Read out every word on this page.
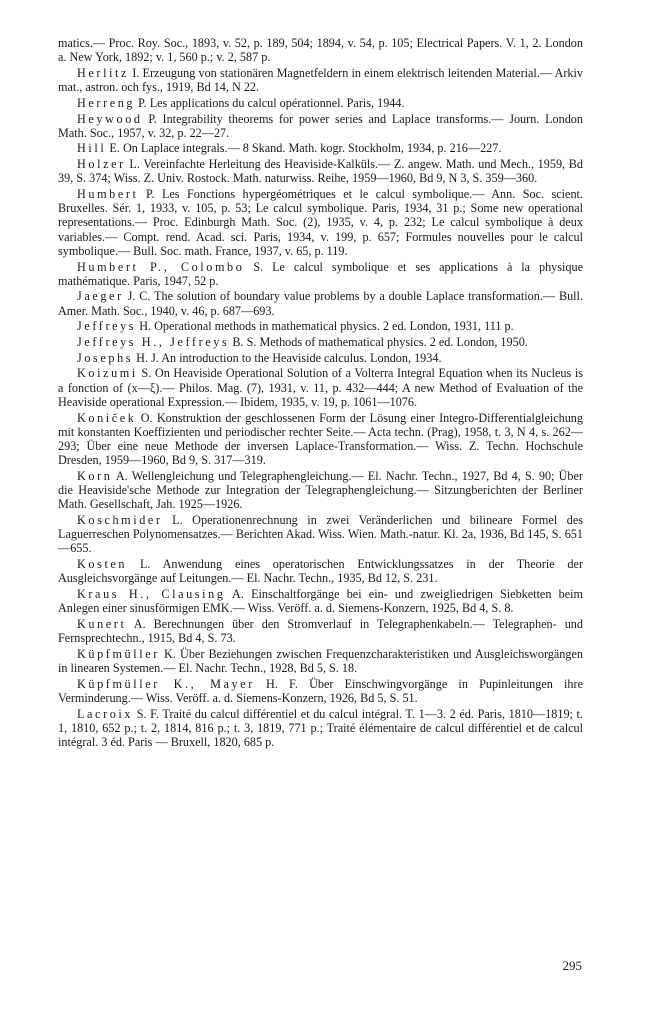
matics.— Proc. Roy. Soc., 1893, v. 52, p. 189, 504; 1894, v. 54, p. 105; Electrical Papers. V. 1, 2. London a. New York, 1892; v. 1, 560 p.; v. 2, 587 p.

Herlitz I. Erzeugung von stationären Magnetfeldern in einem elektrisch leitenden Material.— Arkiv mat., astron. och fys., 1919, Bd 14, N 22.

Herreng P. Les applications du calcul opérationnel. Paris, 1944.

Heywood P. Integrability theorems for power series and Laplace transforms.— Journ. London Math. Soc., 1957, v. 32, p. 22—27.

Hill E. On Laplace integrals.— 8 Skand. Math. kogr. Stockholm, 1934, p. 216—227.

Holzer L. Vereinfachte Herleitung des Heaviside-Kalküls.— Z. angew. Math. und Mech., 1959, Bd 39, S. 374; Wiss. Z. Univ. Rostock. Math. naturwiss. Reihe, 1959—1960, Bd 9, N 3, S. 359—360.

Humbert P. Les Fonctions hypergéométriques et le calcul symbolique.— Ann. Soc. scient. Bruxelles. Sér. 1, 1933, v. 105, p. 53; Le calcul symbolique. Paris, 1934, 31 p.; Some new operational representations.— Proc. Edinburgh Math. Soc. (2), 1935, v. 4, p. 232; Le calcul symbolique à deux variables.— Compt. rend. Acad. sci. Paris, 1934, v. 199, p. 657; Formules nouvelles pour le calcul symbolique.— Bull. Soc. math. France, 1937, v. 65, p. 119.

Humbert P., Colombo S. Le calcul symbolique et ses applications à la physique mathématique. Paris, 1947, 52 p.

Jaeger J. C. The solution of boundary value problems by a double Laplace transformation.— Bull. Amer. Math. Soc., 1940, v. 46, p. 687—693.

Jeffreys H. Operational methods in mathematical physics. 2 ed. London, 1931, 111 p.

Jeffreys H., Jeffreys B. S. Methods of mathematical physics. 2 ed. London, 1950.

Josephs H. J. An introduction to the Heaviside calculus. London, 1934.

Koizumi S. On Heaviside Operational Solution of a Volterra Integral Equation when its Nucleus is a fonction of (x—ξ).— Philos. Mag. (7), 1931, v. 11, p. 432—444; A new Method of Evaluation of the Heaviside operational Expression.— Ibidem, 1935, v. 19, p. 1061—1076.

Koniček O. Konstruktion der geschlossenen Form der Lösung einer Integro-Differentialgleichung mit konstanten Koeffizienten und periodischer rechter Seite.— Acta techn. (Prag), 1958, t. 3, N 4, s. 262—293; Über eine neue Methode der inversen Laplace-Transformation.— Wiss. Z. Techn. Hochschule Dresden, 1959—1960, Bd 9, S. 317—319.

Korn A. Wellengleichung und Telegraphengleichung.— El. Nachr. Techn., 1927, Bd 4, S. 90; Über die Heaviside'sche Methode zur Integration der Telegraphengleichung.— Sitzungberichten der Berliner Math. Gesellschaft, Jah. 1925—1926.

Koschmider L. Operationenrechnung in zwei Veränderlichen und bilineare Formel des Laguerreschen Polynomensatzes.— Berichten Akad. Wiss. Wien. Math.-natur. Kl. 2a, 1936, Bd 145, S. 651—655.

Kosten L. Anwendung eines operatorischen Entwicklungssatzes in der Theorie der Ausgleichsvorgänge auf Leitungen.— El. Nachr. Techn., 1935, Bd 12, S. 231.

Kraus H., Clausing A. Einschaltforgänge bei ein- und zweigliedrigen Siebketten beim Anlegen einer sinusförmigen EMK.— Wiss. Veröff. a. d. Siemens-Konzern, 1925, Bd 4, S. 8.

Kunert A. Berechnungen über den Stromverlauf in Telegraphenkabeln.— Telegraphen- und Fernsprechtechn., 1915, Bd 4, S. 73.

Küpfmüller K. Über Beziehungen zwischen Frequenzcharakteristiken und Ausgleichsworgängen in linearen Systemen.— El. Nachr. Techn., 1928, Bd 5, S. 18.

Küpfmüller K., Mayer H. F. Über Einschwingvorgänge in Pupinleitungen ihre Verminderung.— Wiss. Veröff. a. d. Siemens-Konzern, 1926, Bd 5, S. 51.

Lacroix S. F. Traité du calcul différentiel et du calcul intégral. T. 1—3. 2 éd. Paris, 1810—1819; t. 1, 1810, 652 p.; t. 2, 1814, 816 p.; t. 3, 1819, 771 p.; Traité élémentaire de calcul différentiel et de calcul intégral. 3 éd. Paris — Bruxell, 1820, 685 p.

295
